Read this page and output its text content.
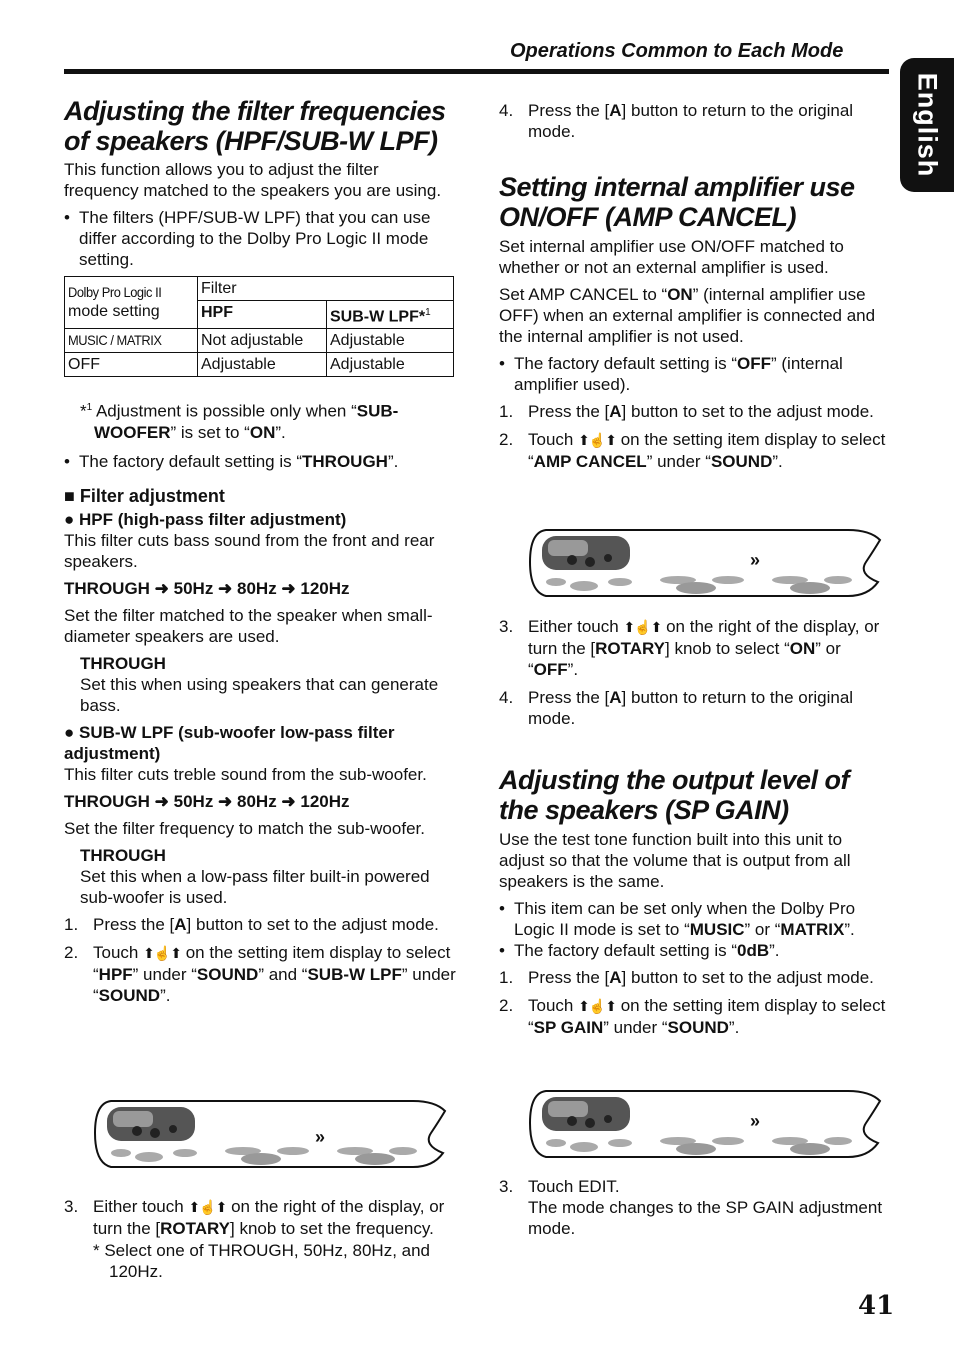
Operations Common to Each Mode
English
Adjusting the filter frequencies of speakers (HPF/SUB-W LPF)

This function allows you to adjust the filter frequency matched to the speakers you are using.

• The filters (HPF/SUB-W LPF) that you can use differ according to the Dolby Pro Logic II mode setting.
Dolby Pro Logic II
mode setting	Filter	
	HPF	SUB-W LPF*$^1$
MUSIC / MATRIX	Not adjustable	Adjustable
OFF	Adjustable	Adjustable
*$^1$ Adjustment is possible only when “SUB-WOOFER” is set to “ON”.
• The factory default setting is “THROUGH”.
■ Filter adjustment
● HPF (high-pass filter adjustment)

This filter cuts bass sound from the front and rear speakers.

THROUGH ➜ 50Hz ➜ 80Hz ➜ 120Hz

Set the filter matched to the speaker when small-diameter speakers are used.

THROUGH
Set this when using speakers that can generate bass.
● SUB-W LPF (sub-woofer low-pass filter adjustment)

This filter cuts treble sound from the sub-woofer.

THROUGH ➜ 50Hz ➜ 80Hz ➜ 120Hz

Set the filter frequency to match the sub-woofer.

THROUGH
Set this when a low-pass filter built-in powered sub-woofer is used.
1. Press the [A] button to set to the adjust mode.
2. Touch ⬆☝⬆ on the setting item display to select “HPF” under “SOUND” and “SUB-W LPF” under “SOUND”.
»
3. Either touch ⬆☝⬆ on the right of the display, or turn the [ROTARY] knob to set the frequency.
* Select one of THROUGH, 50Hz, 80Hz, and 120Hz.
4. Press the [A] button to return to the original mode.
Setting internal amplifier use ON/OFF (AMP CANCEL)

Set internal amplifier use ON/OFF matched to whether or not an external amplifier is used.

Set AMP CANCEL to “ON” (internal amplifier use OFF) when an external amplifier is connected and the internal amplifier is not used.

• The factory default setting is “OFF” (internal amplifier used).
1. Press the [A] button to set to the adjust mode.
2. Touch ⬆☝⬆ on the setting item display to select “AMP CANCEL” under “SOUND”.
»
3. Either touch ⬆☝⬆ on the right of the display, or turn the [ROTARY] knob to select “ON” or “OFF”.
4. Press the [A] button to return to the original mode.
Adjusting the output level of the speakers (SP GAIN)

Use the test tone function built into this unit to adjust so that the volume that is output from all speakers is the same.

• This item can be set only when the Dolby Pro Logic II mode is set to “MUSIC” or “MATRIX”.
• The factory default setting is “0dB”.
1. Press the [A] button to set to the adjust mode.
2. Touch ⬆☝⬆ on the setting item display to select “SP GAIN” under “SOUND”.
»
3. Touch EDIT.
The mode changes to the SP GAIN adjustment mode.
41
